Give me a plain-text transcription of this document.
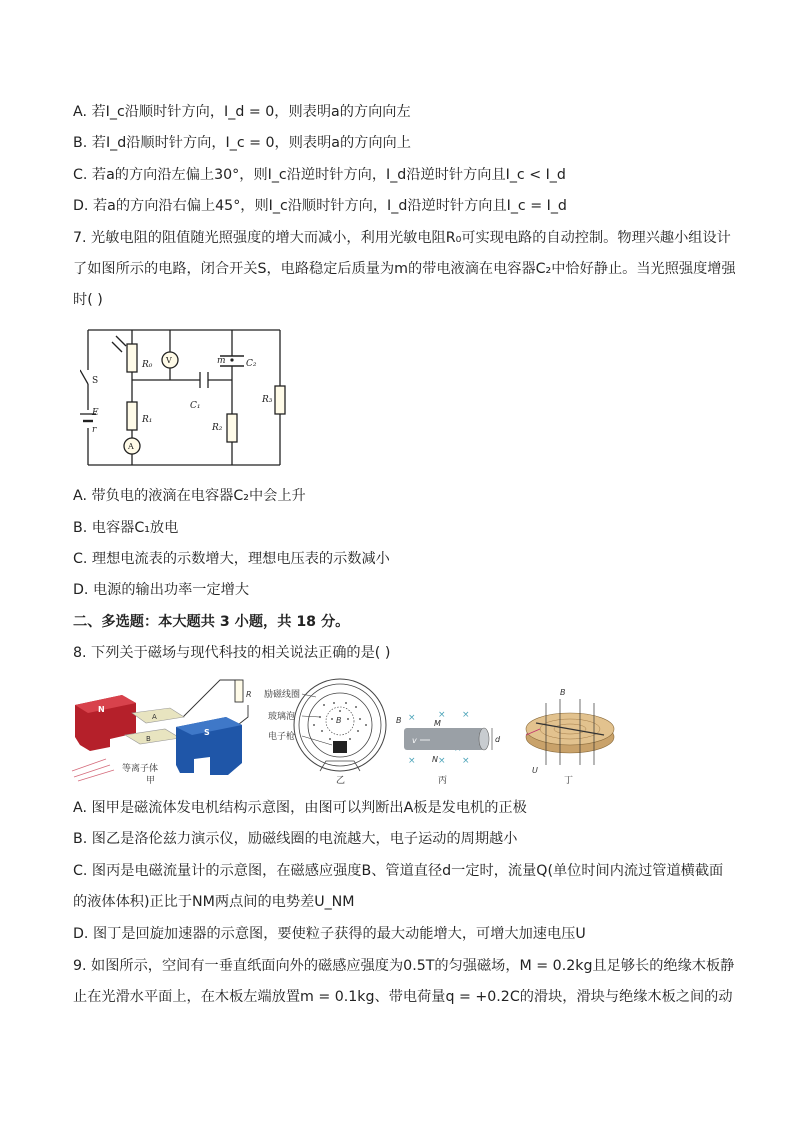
A. 若I_c沿顺时针方向，I_d = 0，则表明a的方向向左
B. 若I_d沿顺时针方向，I_c = 0，则表明a的方向向上
C. 若a的方向沿左偏上30°，则I_c沿逆时针方向，I_d沿逆时针方向且I_c < I_d
D. 若a的方向沿右偏上45°，则I_c沿顺时针方向，I_d沿逆时针方向且I_c = I_d
7. 光敏电阻的阻值随光照强度的增大而减小，利用光敏电阻R₀可实现电路的自动控制。物理兴趣小组设计
了如图所示的电路，闭合开关S，电路稳定后质量为m的带电液滴在电容器C₂中恰好静止。当光照强度增强
时( )
R₀ V	m C₂
S
C₁
R₃
E
R₁
r	R₂
A
A. 带负电的液滴在电容器C₂中会上升
B. 电容器C₁放电
C. 理想电流表的示数增大，理想电压表的示数减小
D. 电源的输出功率一定增大
二、多选题：本大题共 3 小题，共 18 分。
8. 下列关于磁场与现代科技的相关说法正确的是( )
N
A
B
S
R
等离子体
甲
励磁线圈
玻璃泡
电子枪
B
乙
× × ×
× × ×
B	M
N
v	d
丙
B
U
丁
A. 图甲是磁流体发电机结构示意图，由图可以判断出A板是发电机的正极
B. 图乙是洛伦兹力演示仪，励磁线圈的电流越大，电子运动的周期越小
C. 图丙是电磁流量计的示意图，在磁感应强度B、管道直径d一定时，流量Q(单位时间内流过管道横截面
的液体体积)正比于NM两点间的电势差U_NM
D. 图丁是回旋加速器的示意图，要使粒子获得的最大动能增大，可增大加速电压U
9. 如图所示，空间有一垂直纸面向外的磁感应强度为0.5T的匀强磁场，M = 0.2kg且足够长的绝缘木板静
止在光滑水平面上，在木板左端放置m = 0.1kg、带电荷量q = +0.2C的滑块，滑块与绝缘木板之间的动
